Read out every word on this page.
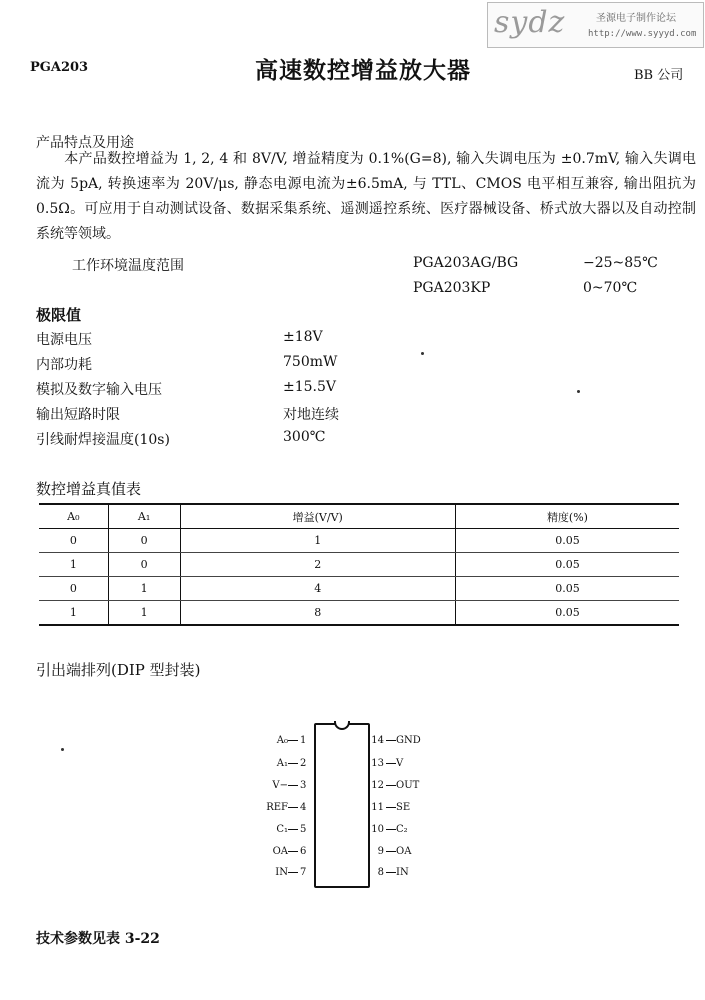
sydz	圣源电子制作论坛
http://www.syyyd.com
PGA203	高速数控增益放大器	BB 公司
产品特点及用途
本产品数控增益为 1, 2, 4 和 8V/V, 增益精度为 0.1%(G=8), 输入失调电压为 ±0.7mV, 输入失调电流为 5pA, 转换速率为 20V/μs, 静态电源电流为±6.5mA, 与 TTL、CMOS 电平相互兼容, 输出阻抗为 0.5Ω。可应用于自动测试设备、数据采集系统、遥测遥控系统、医疗器械设备、桥式放大器以及自动控制系统等领域。
工作环境温度范围	PGA203AG/BG	−25~85℃
PGA203KP	0~70℃
极限值
电源电压	±18V
内部功耗	750mW
模拟及数字输入电压	±15.5V
输出短路时限	对地连续
引线耐焊接温度(10s)	300℃
数控增益真值表
A₀	A₁	增益(V/V)	精度(%)
0	0	1	0.05
1	0	2	0.05
0	1	4	0.05
1	1	8	0.05
引出端排列(DIP 型封装)
A₀ 1
A₁ 2
V− 3
REF 4
C₁ 5
OA 6
IN 7
14 GND
13 V
12 OUT
11 SE
10 C₂
9 OA
8 IN
技术参数见表 3-22
